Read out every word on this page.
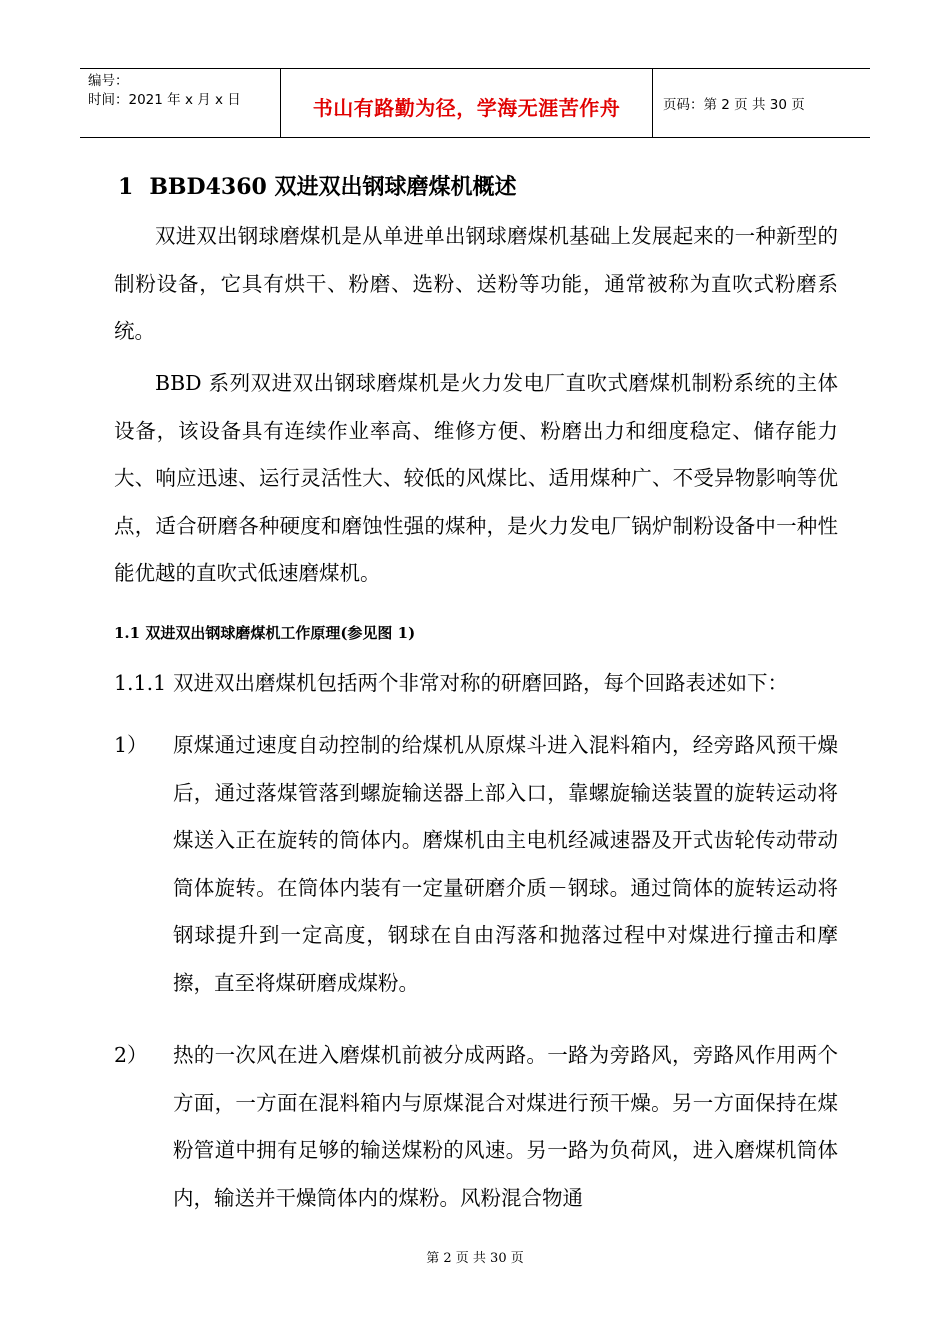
编号：
时间：2021 年 x 月 x 日	书山有路勤为径，学海无涯苦作舟	页码：第 2 页 共 30 页
1 BBD4360 双进双出钢球磨煤机概述

双进双出钢球磨煤机是从单进单出钢球磨煤机基础上发展起来的一种新型的制粉设备，它具有烘干、粉磨、选粉、送粉等功能，通常被称为直吹式粉磨系统。

BBD 系列双进双出钢球磨煤机是火力发电厂直吹式磨煤机制粉系统的主体设备，该设备具有连续作业率高、维修方便、粉磨出力和细度稳定、储存能力大、响应迅速、运行灵活性大、较低的风煤比、适用煤种广、不受异物影响等优点，适合研磨各种硬度和磨蚀性强的煤种，是火力发电厂锅炉制粉设备中一种性能优越的直吹式低速磨煤机。

1.1 双进双出钢球磨煤机工作原理(参见图 1)
1.1.1 双进双出磨煤机包括两个非常对称的研磨回路，每个回路表述如下：

1） 原煤通过速度自动控制的给煤机从原煤斗进入混料箱内，经旁路风预干燥后，通过落煤管落到螺旋输送器上部入口，靠螺旋输送装置的旋转运动将煤送入正在旋转的筒体内。磨煤机由主电机经减速器及开式齿轮传动带动筒体旋转。在筒体内装有一定量研磨介质－钢球。通过筒体的旋转运动将钢球提升到一定高度，钢球在自由泻落和抛落过程中对煤进行撞击和摩擦，直至将煤研磨成煤粉。

2） 热的一次风在进入磨煤机前被分成两路。一路为旁路风，旁路风作用两个方面，一方面在混料箱内与原煤混合对煤进行预干燥。另一方面保持在煤粉管道中拥有足够的输送煤粉的风速。另一路为负荷风，进入磨煤机筒体内，输送并干燥筒体内的煤粉。风粉混合物通

第 2 页 共 30 页
